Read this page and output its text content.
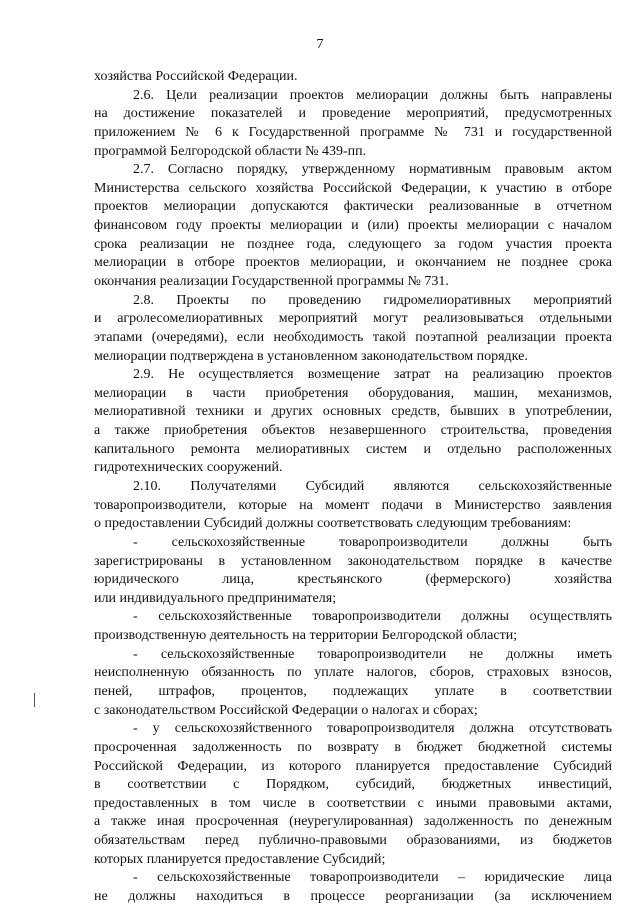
7
хозяйства Российской Федерации.
2.6. Цели реализации проектов мелиорации должны быть направлены
на достижение показателей и проведение мероприятий, предусмотренных
приложением № 6 к Государственной программе № 731 и государственной
программой Белгородской области № 439-пп.
2.7. Согласно порядку, утвержденному нормативным правовым актом
Министерства сельского хозяйства Российской Федерации, к участию в отборе
проектов мелиорации допускаются фактически реализованные в отчетном
финансовом году проекты мелиорации и (или) проекты мелиорации с началом
срока реализации не позднее года, следующего за годом участия проекта
мелиорации в отборе проектов мелиорации, и окончанием не позднее срока
окончания реализации Государственной программы № 731.
2.8. Проекты по проведению гидромелиоративных мероприятий
и агролесомелиоративных мероприятий могут реализовываться отдельными
этапами (очередями), если необходимость такой поэтапной реализации проекта
мелиорации подтверждена в установленном законодательством порядке.
2.9. Не осуществляется возмещение затрат на реализацию проектов
мелиорации в части приобретения оборудования, машин, механизмов,
мелиоративной техники и других основных средств, бывших в употреблении,
а также приобретения объектов незавершенного строительства, проведения
капитального ремонта мелиоративных систем и отдельно расположенных
гидротехнических сооружений.
2.10. Получателями Субсидий являются сельскохозяйственные
товаропроизводители, которые на момент подачи в Министерство заявления
о предоставлении Субсидий должны соответствовать следующим требованиям:
- сельскохозяйственные товаропроизводители должны быть
зарегистрированы в установленном законодательством порядке в качестве
юридического лица, крестьянского (фермерского) хозяйства
или индивидуального предпринимателя;
- сельскохозяйственные товаропроизводители должны осуществлять
производственную деятельность на территории Белгородской области;
- сельскохозяйственные товаропроизводители не должны иметь
неисполненную обязанность по уплате налогов, сборов, страховых взносов,
пеней, штрафов, процентов, подлежащих уплате в соответствии
с законодательством Российской Федерации о налогах и сборах;
- у сельскохозяйственного товаропроизводителя должна отсутствовать
просроченная задолженность по возврату в бюджет бюджетной системы
Российской Федерации, из которого планируется предоставление Субсидий
в соответствии с Порядком, субсидий, бюджетных инвестиций,
предоставленных в том числе в соответствии с иными правовыми актами,
а также иная просроченная (неурегулированная) задолженность по денежным
обязательствам перед публично-правовыми образованиями, из бюджетов
которых планируется предоставление Субсидий;
- сельскохозяйственные товаропроизводители – юридические лица
не должны находиться в процессе реорганизации (за исключением
